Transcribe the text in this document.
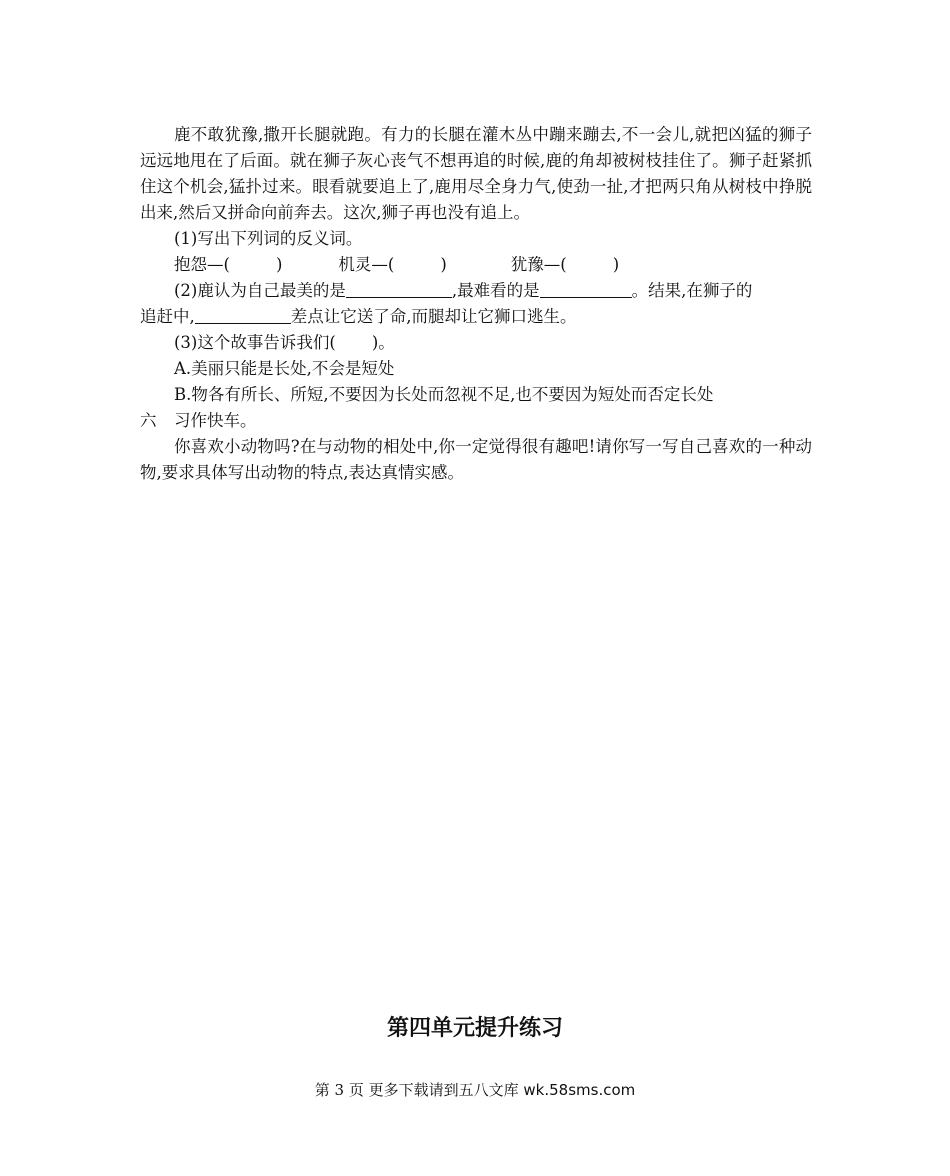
鹿不敢犹豫,撒开长腿就跑。有力的长腿在灌木丛中蹦来蹦去,不一会儿,就把凶猛的狮子远远地甩在了后面。就在狮子灰心丧气不想再追的时候,鹿的角却被树枝挂住了。狮子赶紧抓住这个机会,猛扑过来。眼看就要追上了,鹿用尽全身力气,使劲一扯,才把两只角从树枝中挣脱出来,然后又拼命向前奔去。这次,狮子再也没有追上。

(1)写出下列词的反义词。

抱怨—(	)	机灵—(	)	犹豫—(	)

(2)鹿认为自己最美的是	,最难看的是	。结果,在狮子的

追赶中,	差点让它送了命,而腿却让它狮口逃生。

(3)这个故事告诉我们( )。

A.美丽只能是长处,不会是短处

B.物各有所长、所短,不要因为长处而忽视不足,也不要因为短处而否定长处

六 习作快车。

你喜欢小动物吗?在与动物的相处中,你一定觉得很有趣吧!请你写一写自己喜欢的一种动物,要求具体写出动物的特点,表达真情实感。

第四单元提升练习
第 3 页 更多下载请到五八文库 wk.58sms.com
